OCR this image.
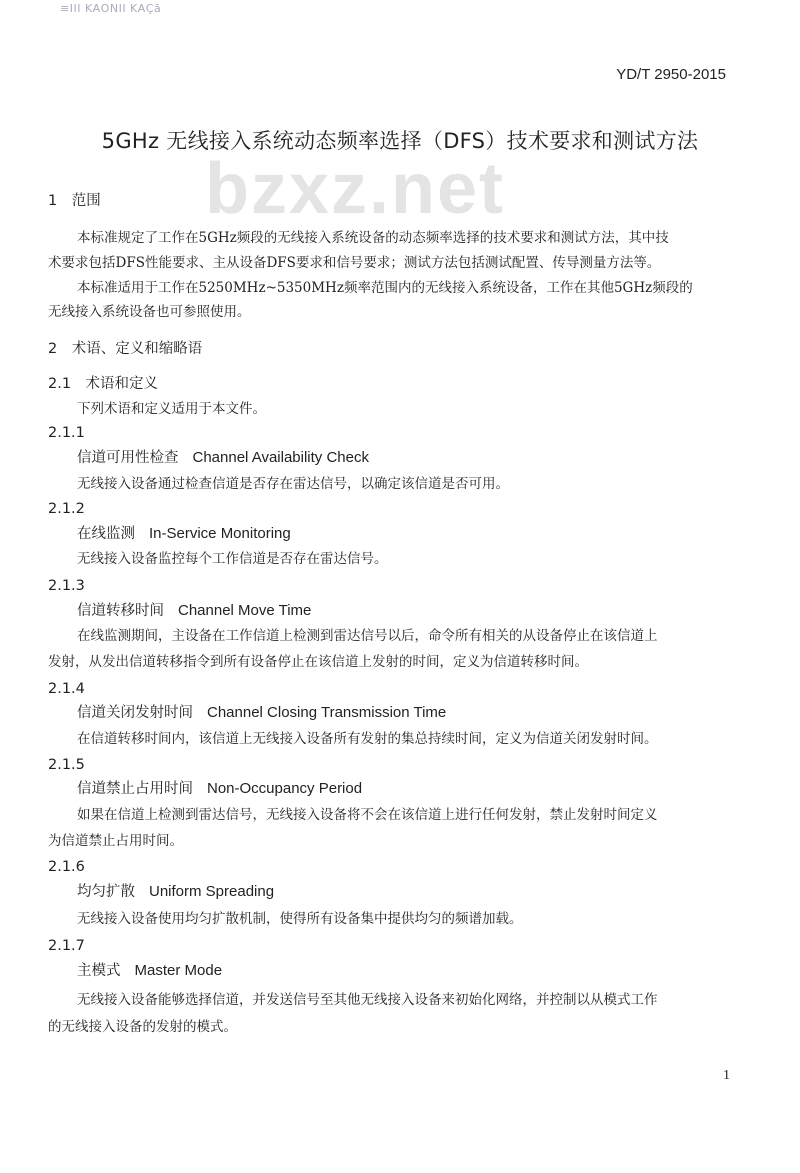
≡ΙΙΙ ΚΑΟΝΙΙ ΚΑÇã
YD/T 2950-2015
bzxz.net
5GHz 无线接入系统动态频率选择（DFS）技术要求和测试方法
1　范围
本标准规定了工作在5GHz频段的无线接入系统设备的动态频率选择的技术要求和测试方法，其中技
术要求包括DFS性能要求、主从设备DFS要求和信号要求；测试方法包括测试配置、传导测量方法等。
本标准适用于工作在5250MHz~5350MHz频率范围内的无线接入系统设备，工作在其他5GHz频段的
无线接入系统设备也可参照使用。
2　术语、定义和缩略语
2.1　术语和定义
下列术语和定义适用于本文件。
2.1.1
信道可用性检查 Channel Availability Check
无线接入设备通过检查信道是否存在雷达信号，以确定该信道是否可用。
2.1.2
在线监测 In-Service Monitoring
无线接入设备监控每个工作信道是否存在雷达信号。
2.1.3
信道转移时间 Channel Move Time
在线监测期间，主设备在工作信道上检测到雷达信号以后，命令所有相关的从设备停止在该信道上
发射，从发出信道转移指令到所有设备停止在该信道上发射的时间，定义为信道转移时间。
2.1.4
信道关闭发射时间 Channel Closing Transmission Time
在信道转移时间内，该信道上无线接入设备所有发射的集总持续时间，定义为信道关闭发射时间。
2.1.5
信道禁止占用时间 Non-Occupancy Period
如果在信道上检测到雷达信号，无线接入设备将不会在该信道上进行任何发射，禁止发射时间定义
为信道禁止占用时间。
2.1.6
均匀扩散 Uniform Spreading
无线接入设备使用均匀扩散机制，使得所有设备集中提供均匀的频谱加载。
2.1.7
主模式 Master Mode
无线接入设备能够选择信道，并发送信号至其他无线接入设备来初始化网络，并控制以从模式工作
的无线接入设备的发射的模式。
1
